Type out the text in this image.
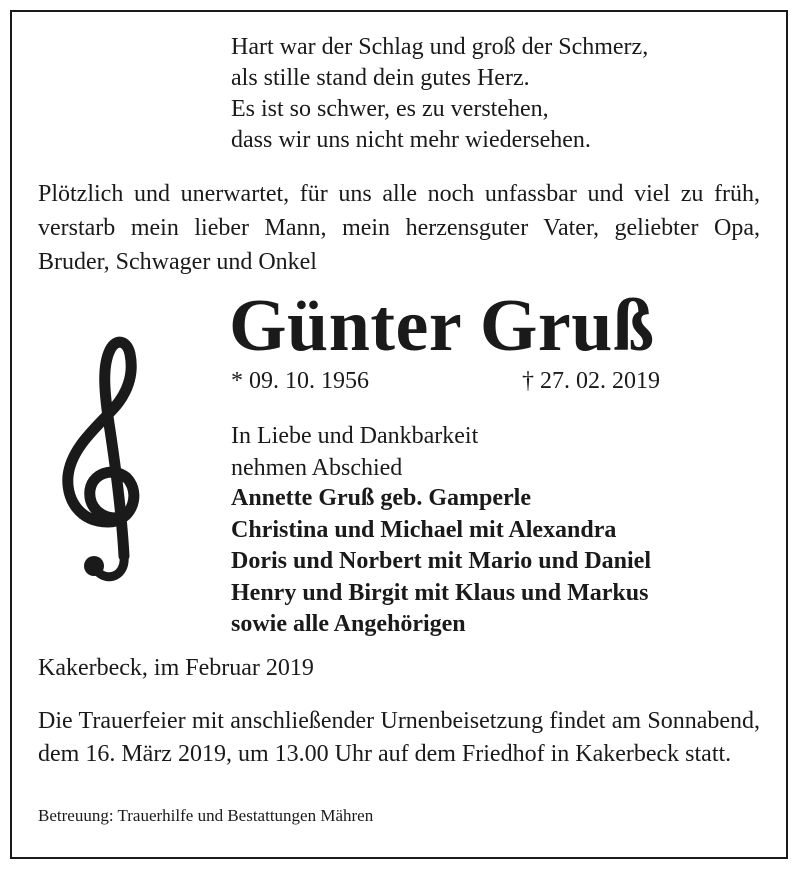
Hart war der Schlag und groß der Schmerz,
als stille stand dein gutes Herz.
Es ist so schwer, es zu verstehen,
dass wir uns nicht mehr wiedersehen.
Plötzlich und unerwartet, für uns alle noch unfassbar und viel zu früh, verstarb mein lieber Mann, mein herzensguter Vater, geliebter Opa, Bruder, Schwager und Onkel
Günter Gruß
* 09. 10. 1956	† 27. 02. 2019
In Liebe und Dankbarkeit
nehmen Abschied
Annette Gruß geb. Gamperle
Christina und Michael mit Alexandra
Doris und Norbert mit Mario und Daniel
Henry und Birgit mit Klaus und Markus
sowie alle Angehörigen
Kakerbeck, im Februar 2019
Die Trauerfeier mit anschließender Urnenbeisetzung findet am Sonnabend, dem 16. März 2019, um 13.00 Uhr auf dem Friedhof in Kakerbeck statt.
Betreuung: Trauerhilfe und Bestattungen Mähren
